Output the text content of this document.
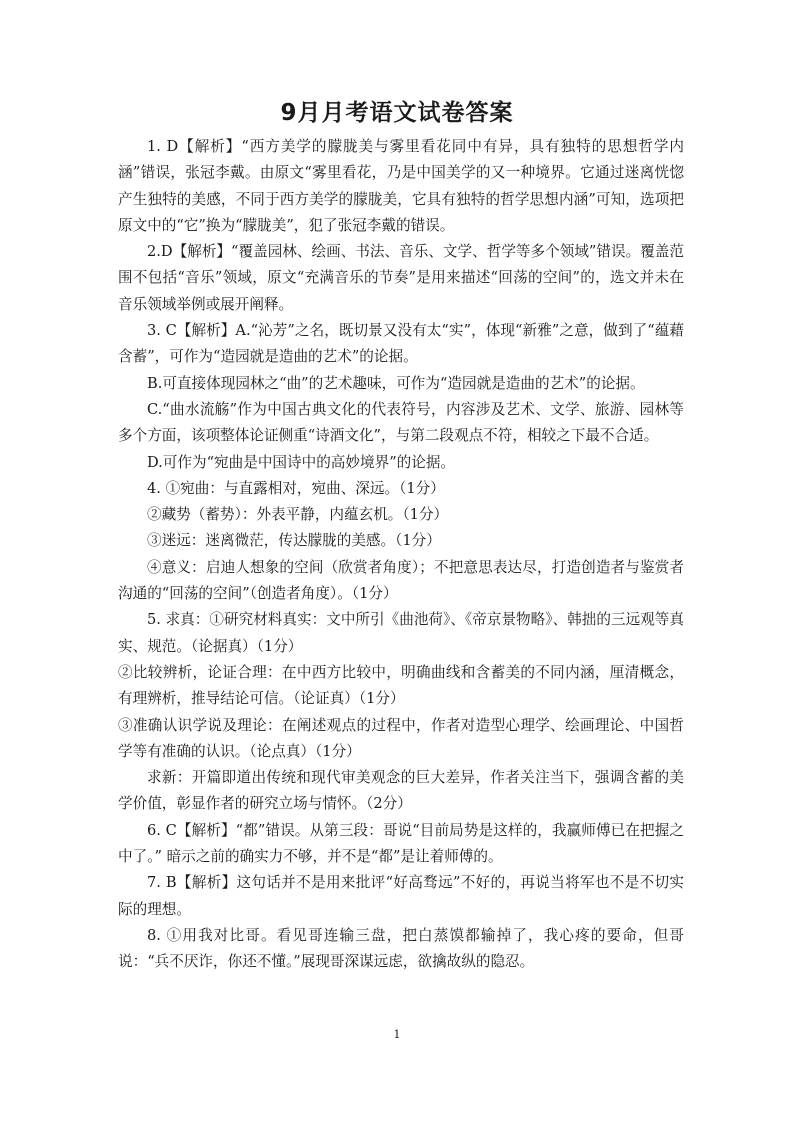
9月月考语文试卷答案

1. D【解析】“西方美学的朦胧美与雾里看花同中有异，具有独特的思想哲学内涵”错误，张冠李戴。由原文“雾里看花，乃是中国美学的又一种境界。它通过迷离恍惚产生独特的美感，不同于西方美学的朦胧美，它具有独特的哲学思想内涵”可知，选项把原文中的“它”换为“朦胧美”，犯了张冠李戴的错误。

2.D【解析】“覆盖园林、绘画、书法、音乐、文学、哲学等多个领域”错误。覆盖范围不包括“音乐”领域，原文“充满音乐的节奏”是用来描述“回荡的空间”的，选文并未在音乐领域举例或展开阐释。

3. C【解析】A.“沁芳”之名，既切景又没有太“实”，体现“新雅”之意，做到了“蕴藉含蓄”，可作为“造园就是造曲的艺术”的论据。

B.可直接体现园林之“曲”的艺术趣味，可作为“造园就是造曲的艺术”的论据。

C.“曲水流觞”作为中国古典文化的代表符号，内容涉及艺术、文学、旅游、园林等多个方面，该项整体论证侧重“诗酒文化”，与第二段观点不符，相较之下最不合适。

D.可作为“宛曲是中国诗中的高妙境界”的论据。

4. ①宛曲：与直露相对，宛曲、深远。（1分）

②藏势（蓄势）：外表平静，内蕴玄机。（1分）

③迷远：迷离微茫，传达朦胧的美感。（1分）

④意义：启迪人想象的空间（欣赏者角度）；不把意思表达尽，打造创造者与鉴赏者沟通的“回荡的空间”（创造者角度）。（1分）

5. 求真：①研究材料真实：文中所引《曲池荷》、《帝京景物略》、韩拙的三远观等真实、规范。（论据真）（1分）

②比较辨析，论证合理：在中西方比较中，明确曲线和含蓄美的不同内涵，厘清概念，有理辨析，推导结论可信。（论证真）（1分）

③准确认识学说及理论：在阐述观点的过程中，作者对造型心理学、绘画理论、中国哲学等有准确的认识。（论点真）（1分）

求新：开篇即道出传统和现代审美观念的巨大差异，作者关注当下，强调含蓄的美学价值，彰显作者的研究立场与情怀。（2分）

6. C【解析】“都”错误。从第三段：哥说“目前局势是这样的，我赢师傅已在把握之中了。” 暗示之前的确实力不够，并不是“都”是让着师傅的。

7. B【解析】这句话并不是用来批评“好高骛远”不好的，再说当将军也不是不切实际的理想。

8. ①用我对比哥。看见哥连输三盘，把白蒸馍都输掉了，我心疼的要命，但哥说：“兵不厌诈，你还不懂。”展现哥深谋远虑，欲擒故纵的隐忍。

1
